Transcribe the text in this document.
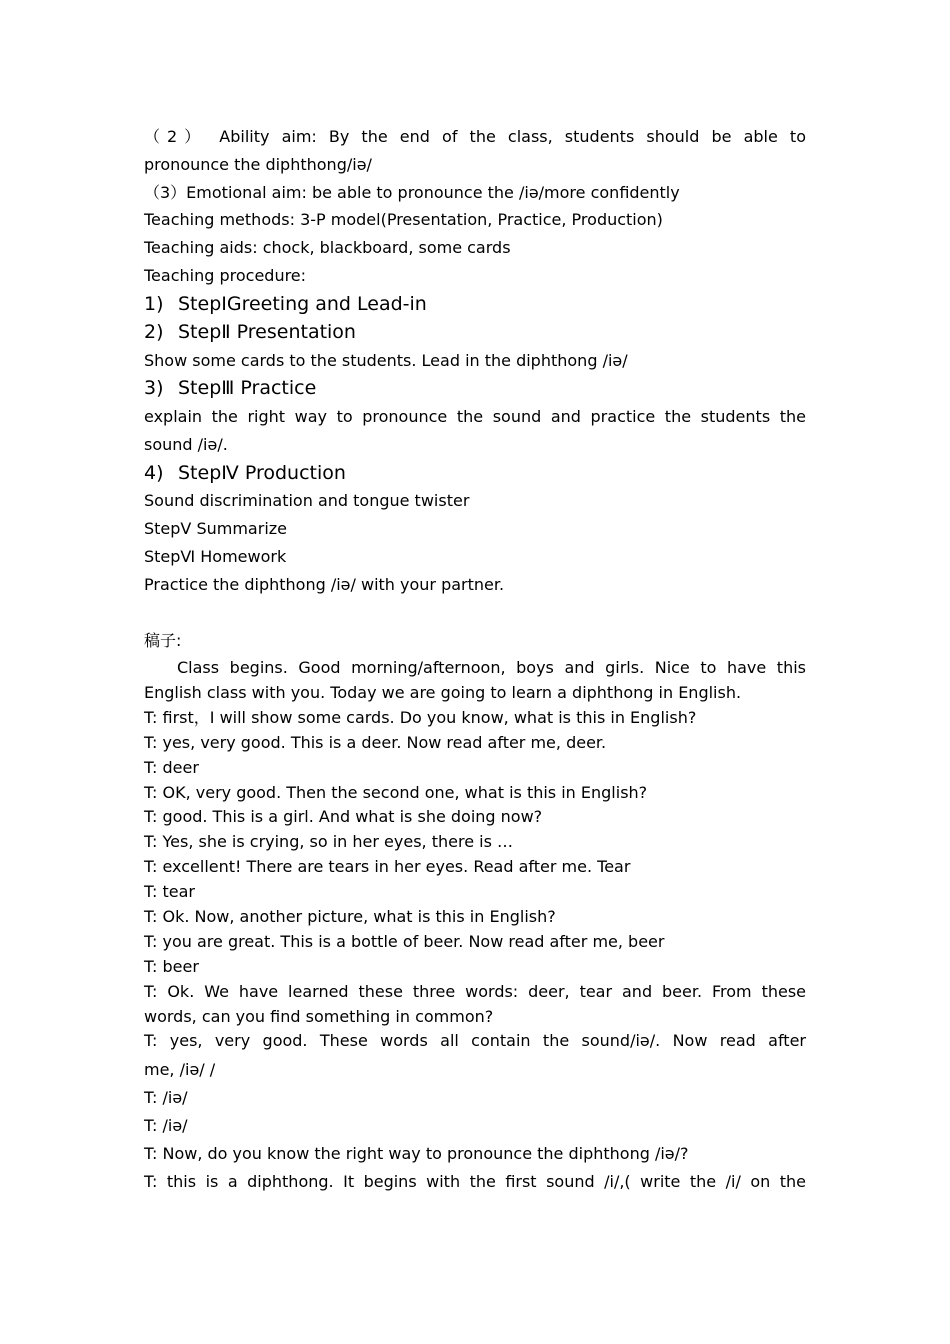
（2） Ability aim: By the end of the class, students should be able to
pronounce the diphthong/iə/
（3）Emotional aim: be able to pronounce the /iə/more confidently
Teaching methods: 3-P model(Presentation, Practice, Production)
Teaching aids: chock, blackboard, some cards
Teaching procedure:
1) StepⅠGreeting and Lead-in
2) StepⅡ Presentation
Show some cards to the students. Lead in the diphthong /iə/
3) StepⅢ Practice
explain the right way to pronounce the sound and practice the students the
sound /iə/.
4) StepⅣ Production
Sound discrimination and tongue twister
StepⅤ Summarize
StepⅥ Homework
Practice the diphthong /iə/ with your partner.
稿子:
Class begins. Good morning/afternoon, boys and girls. Nice to have this
English class with you. Today we are going to learn a diphthong in English.
T: first，I will show some cards. Do you know, what is this in English?
T: yes, very good. This is a deer. Now read after me, deer.
T: deer
T: OK, very good. Then the second one, what is this in English?
T: good. This is a girl. And what is she doing now?
T: Yes, she is crying, so in her eyes, there is …
T: excellent! There are tears in her eyes. Read after me. Tear
T: tear
T: Ok. Now, another picture, what is this in English?
T: you are great. This is a bottle of beer. Now read after me, beer
T: beer
T: Ok. We have learned these three words: deer, tear and beer. From these
words, can you find something in common?
T: yes, very good. These words all contain the sound/iə/. Now read after
me, /iə/ /
T: /iə/
T: /iə/
T: Now, do you know the right way to pronounce the diphthong /iə/?
T: this is a diphthong. It begins with the first sound /i/,( write the /i/ on the
